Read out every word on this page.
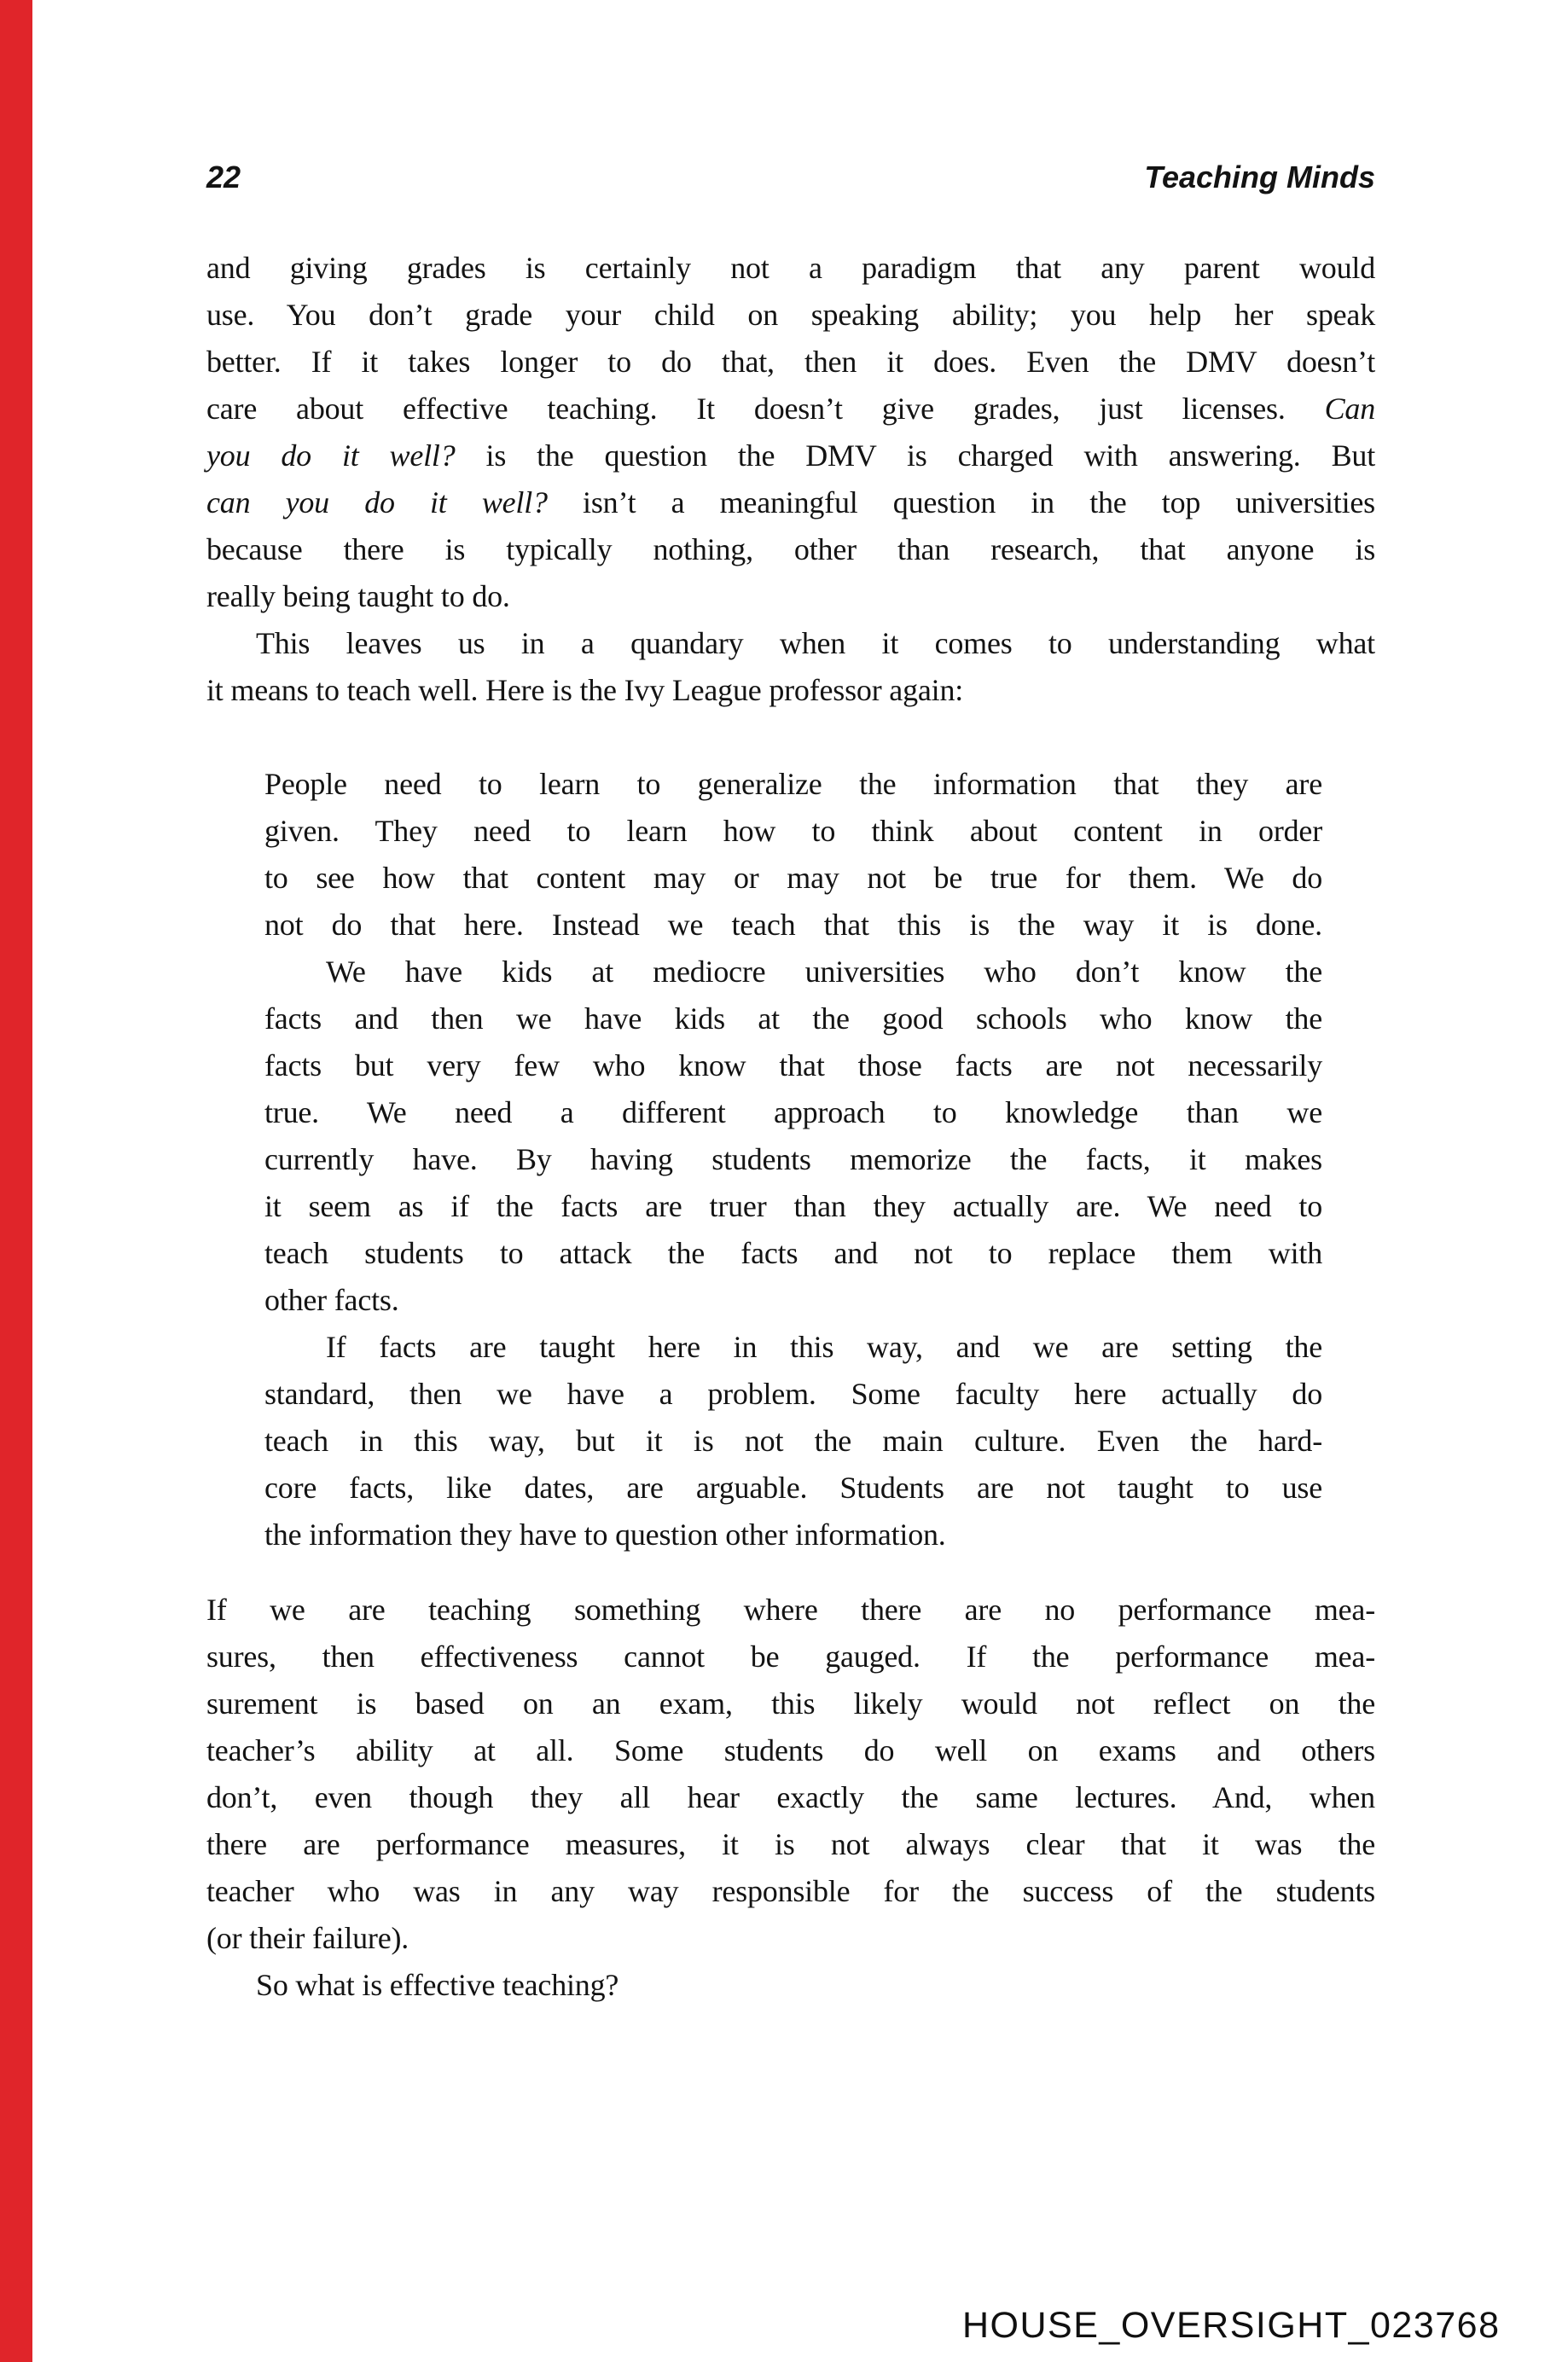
22	Teaching Minds
and giving grades is certainly not a paradigm that any parent would
use. You don’t grade your child on speaking ability; you help her speak
better. If it takes longer to do that, then it does. Even the DMV doesn’t
care about effective teaching. It doesn’t give grades, just licenses. Can
you do it well? is the question the DMV is charged with answering. But
can you do it well? isn’t a meaningful question in the top universities
because there is typically nothing, other than research, that anyone is
really being taught to do.
This leaves us in a quandary when it comes to understanding what
it means to teach well. Here is the Ivy League professor again:
People need to learn to generalize the information that they are
given. They need to learn how to think about content in order
to see how that content may or may not be true for them. We do
not do that here. Instead we teach that this is the way it is done.
We have kids at mediocre universities who don’t know the
facts and then we have kids at the good schools who know the
facts but very few who know that those facts are not necessarily
true. We need a different approach to knowledge than we
currently have. By having students memorize the facts, it makes
it seem as if the facts are truer than they actually are. We need to
teach students to attack the facts and not to replace them with
other facts.
If facts are taught here in this way, and we are setting the
standard, then we have a problem. Some faculty here actually do
teach in this way, but it is not the main culture. Even the hard-
core facts, like dates, are arguable. Students are not taught to use
the information they have to question other information.
If we are teaching something where there are no performance mea-
sures, then effectiveness cannot be gauged. If the performance mea-
surement is based on an exam, this likely would not reflect on the
teacher’s ability at all. Some students do well on exams and others
don’t, even though they all hear exactly the same lectures. And, when
there are performance measures, it is not always clear that it was the
teacher who was in any way responsible for the success of the students
(or their failure).
So what is effective teaching?
HOUSE_OVERSIGHT_023768
